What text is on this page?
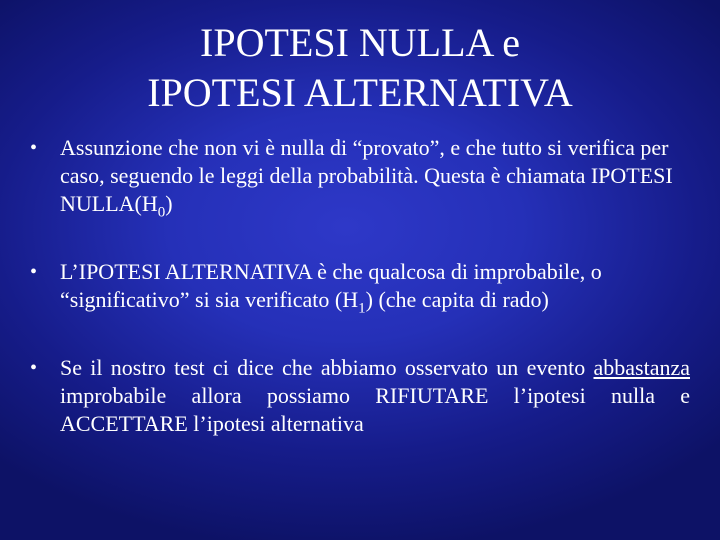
IPOTESI NULLA e
IPOTESI ALTERNATIVA
• Assunzione che non vi è nulla di “provato”, e che tutto si verifica per caso, seguendo le leggi della probabilità. Questa è chiamata IPOTESI $NULLA(H_0)$
• L’IPOTESI ALTERNATIVA è che qualcosa di improbabile, o “significativo” si sia verificato $(H_1)$ (che capita di rado)
• Se il nostro test ci dice che abbiamo osservato un evento abbastanza improbabile allora possiamo RIFIUTARE l’ipotesi nulla e ACCETTARE l’ipotesi alternativa
